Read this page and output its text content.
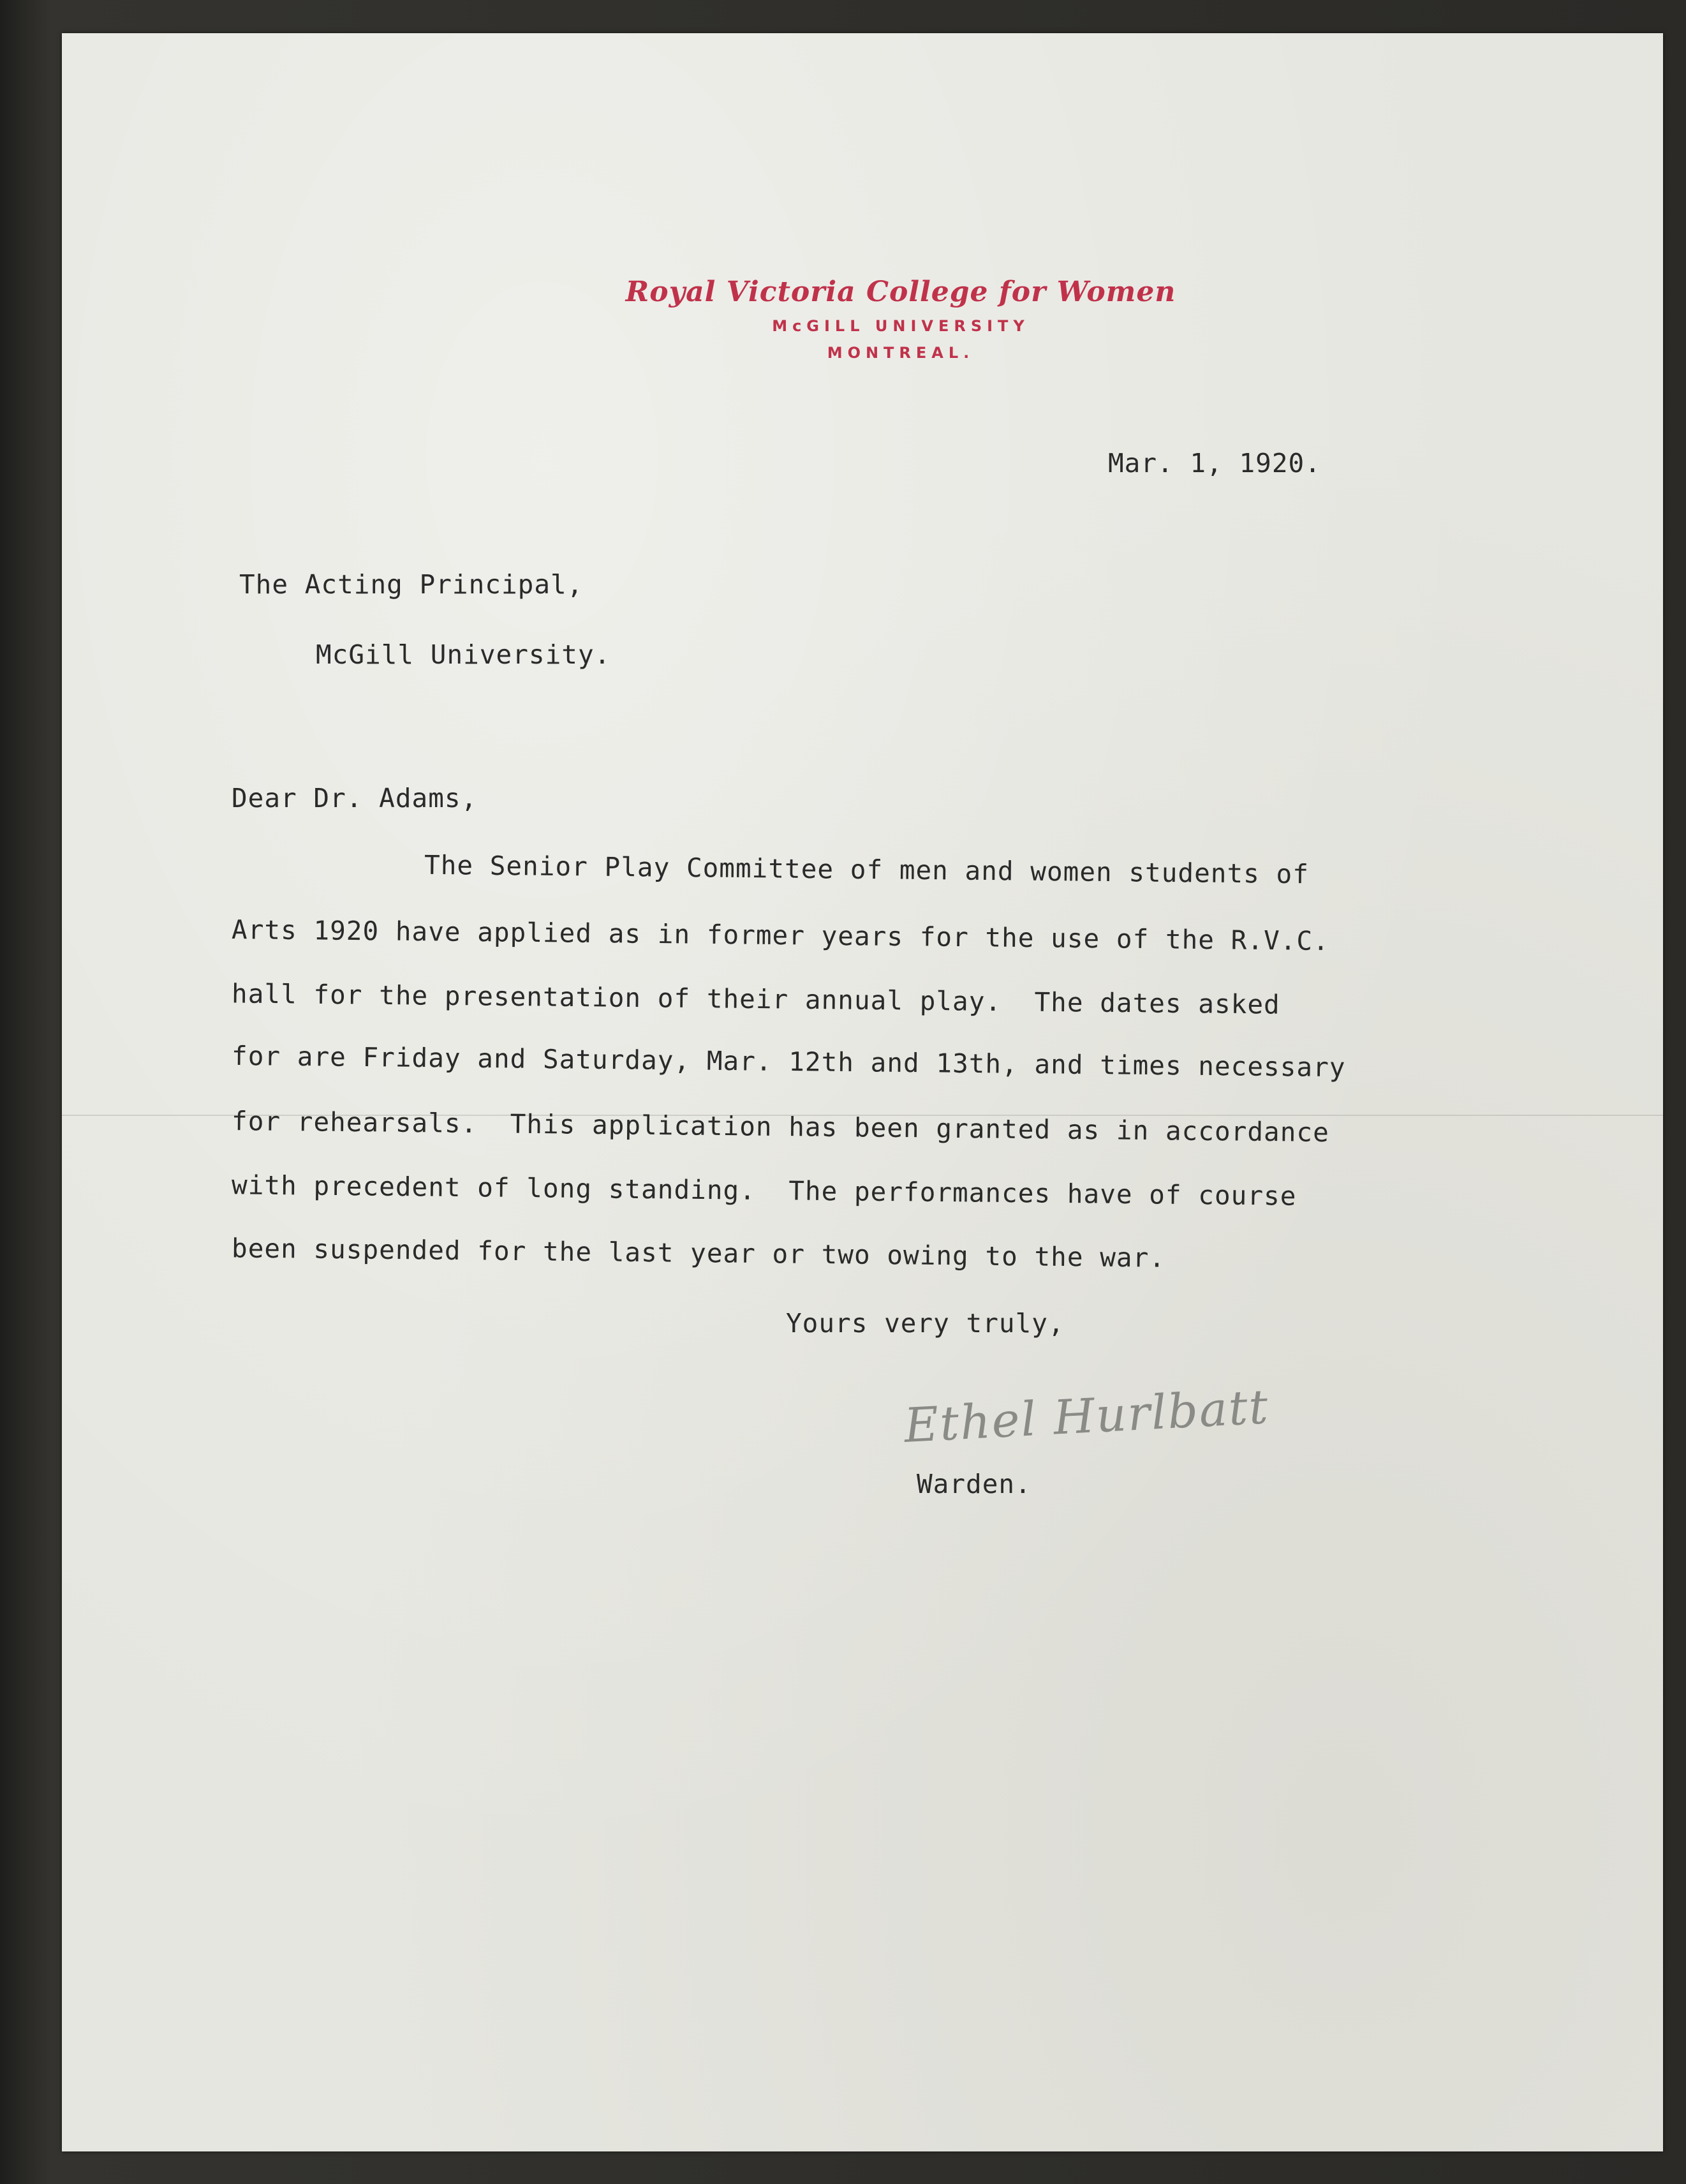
Royal Victoria College for Women
McGILL UNIVERSITY
MONTREAL.
Mar. 1, 1920.
The Acting Principal,
McGill University.
Dear Dr. Adams,
The Senior Play Committee of men and women students of
Arts 1920 have applied as in former years for the use of the R.V.C.
hall for the presentation of their annual play.  The dates asked
for are Friday and Saturday, Mar. 12th and 13th, and times necessary
for rehearsals.  This application has been granted as in accordance
with precedent of long standing.  The performances have of course
been suspended for the last year or two owing to the war.
Yours very truly,
Ethel Hurlbatt
Warden.
